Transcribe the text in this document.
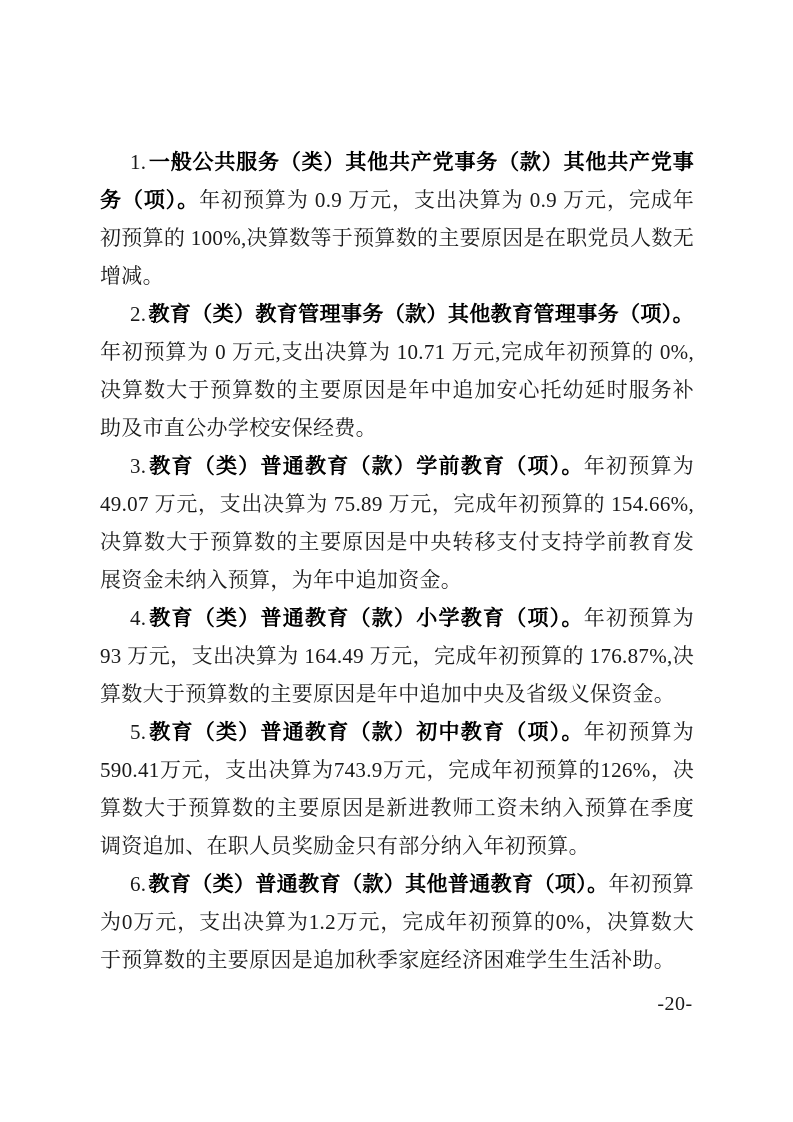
1.一般公共服务（类）其他共产党事务（款）其他共产党事务（项）。年初预算为 0.9 万元，支出决算为 0.9 万元，完成年初预算的 100%,决算数等于预算数的主要原因是在职党员人数无增减。

2.教育（类）教育管理事务（款）其他教育管理事务（项）。年初预算为 0 万元,支出决算为 10.71 万元,完成年初预算的 0%,决算数大于预算数的主要原因是年中追加安心托幼延时服务补助及市直公办学校安保经费。

3.教育（类）普通教育（款）学前教育（项）。年初预算为 49.07 万元，支出决算为 75.89 万元，完成年初预算的 154.66%,决算数大于预算数的主要原因是中央转移支付支持学前教育发展资金未纳入预算，为年中追加资金。

4.教育（类）普通教育（款）小学教育（项）。年初预算为 93 万元，支出决算为 164.49 万元，完成年初预算的 176.87%,决算数大于预算数的主要原因是年中追加中央及省级义保资金。

5.教育（类）普通教育（款）初中教育（项）。年初预算为590.41万元，支出决算为743.9万元，完成年初预算的126%，决算数大于预算数的主要原因是新进教师工资未纳入预算在季度调资追加、在职人员奖励金只有部分纳入年初预算。

6.教育（类）普通教育（款）其他普通教育（项）。年初预算为0万元，支出决算为1.2万元，完成年初预算的0%，决算数大于预算数的主要原因是追加秋季家庭经济困难学生生活补助。

-20-
